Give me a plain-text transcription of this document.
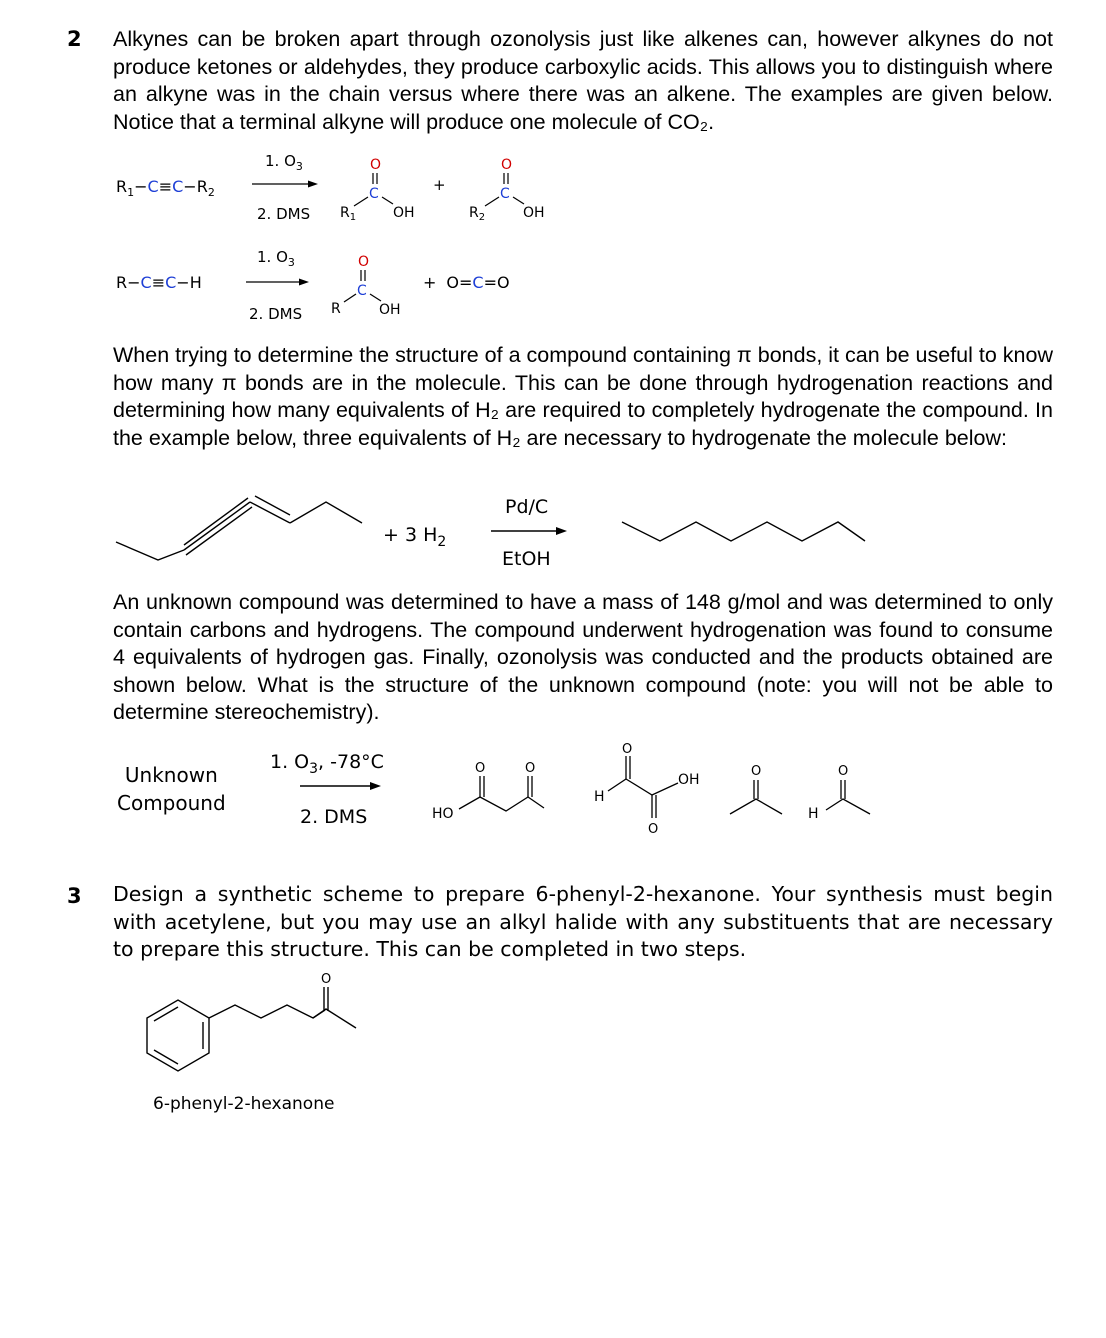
2 Alkynes can be broken apart through ozonolysis just like alkenes can, however alkynes do not produce ketones or aldehydes, they produce carboxylic acids. This allows you to distinguish where an alkyne was in the chain versus where there was an alkene. The examples are given below. Notice that a terminal alkyne will produce one molecule of CO₂.
$R_1-C\equiv C-R_2$
1. $O_3$
2. DMS
O
C
$R_1$	OH
+
O
C
$R_2$	OH
R−C≡C−H
1. $O_3$
2. DMS
O
C
R	OH
+ O=C=O
When trying to determine the structure of a compound containing π bonds, it can be useful to know how many π bonds are in the molecule. This can be done through hydrogenation reactions and determining how many equivalents of H₂ are required to completely hydrogenate the compound. In the example below, three equivalents of H₂ are necessary to hydrogenate the molecule below:
+ 3 $H_2$
Pd/C
EtOH
An unknown compound was determined to have a mass of 148 g/mol and was determined to only contain carbons and hydrogens. The compound underwent hydrogenation was found to consume 4 equivalents of hydrogen gas. Finally, ozonolysis was conducted and the products obtained are shown below. What is the structure of the unknown compound (note: you will not be able to determine stereochemistry).
Unknown
Compound
1. $O_3$, -78°C
2. DMS	HO
O	O
H
O
OH
O
O	O
H
3 Design a synthetic scheme to prepare 6-phenyl-2-hexanone. Your synthesis must begin with acetylene, but you may use an alkyl halide with any substituents that are necessary to prepare this structure. This can be completed in two steps.
O
6-phenyl-2-hexanone
